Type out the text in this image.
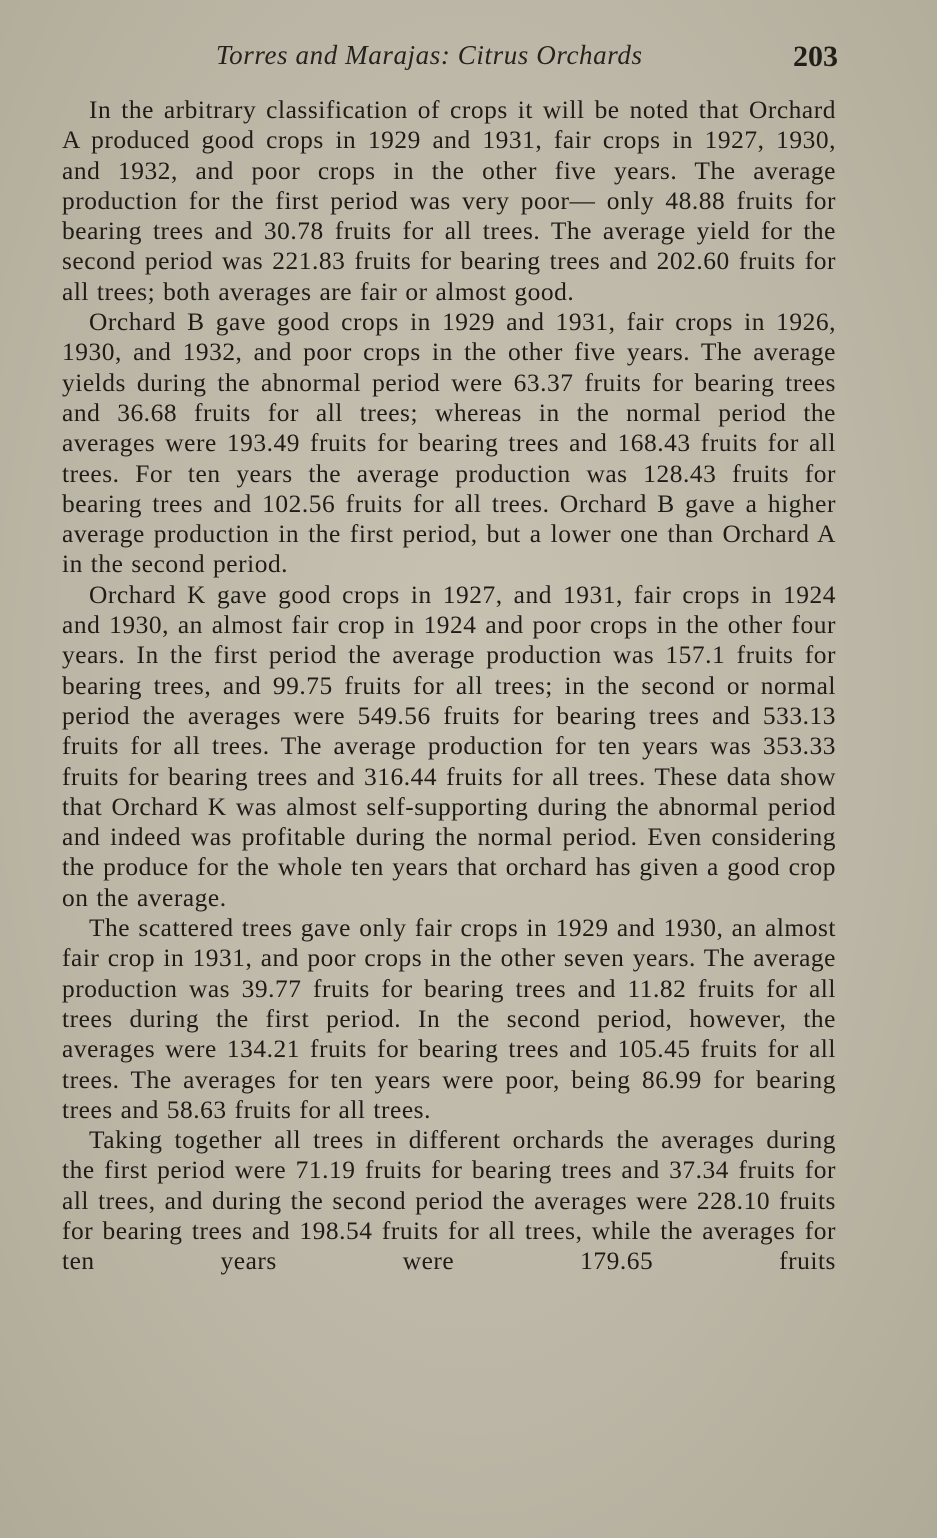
Torres and Marajas: Citrus Orchards	203

In the arbitrary classification of crops it will be noted that Orchard A produced good crops in 1929 and 1931, fair crops in 1927, 1930, and 1932, and poor crops in the other five years. The average production for the first period was very poor— only 48.88 fruits for bearing trees and 30.78 fruits for all trees. The average yield for the second period was 221.83 fruits for bearing trees and 202.60 fruits for all trees; both averages are fair or almost good.

Orchard B gave good crops in 1929 and 1931, fair crops in 1926, 1930, and 1932, and poor crops in the other five years. The average yields during the abnormal period were 63.37 fruits for bearing trees and 36.68 fruits for all trees; whereas in the normal period the averages were 193.49 fruits for bearing trees and 168.43 fruits for all trees. For ten years the average production was 128.43 fruits for bearing trees and 102.56 fruits for all trees. Orchard B gave a higher average production in the first period, but a lower one than Orchard A in the second period.

Orchard K gave good crops in 1927, and 1931, fair crops in 1924 and 1930, an almost fair crop in 1924 and poor crops in the other four years. In the first period the average production was 157.1 fruits for bearing trees, and 99.75 fruits for all trees; in the second or normal period the averages were 549.56 fruits for bearing trees and 533.13 fruits for all trees. The average production for ten years was 353.33 fruits for bearing trees and 316.44 fruits for all trees. These data show that Orchard K was almost self-supporting during the abnormal period and indeed was profitable during the normal period. Even considering the produce for the whole ten years that orchard has given a good crop on the average.

The scattered trees gave only fair crops in 1929 and 1930, an almost fair crop in 1931, and poor crops in the other seven years. The average production was 39.77 fruits for bearing trees and 11.82 fruits for all trees during the first period. In the second period, however, the averages were 134.21 fruits for bearing trees and 105.45 fruits for all trees. The averages for ten years were poor, being 86.99 for bearing trees and 58.63 fruits for all trees.

Taking together all trees in different orchards the averages during the first period were 71.19 fruits for bearing trees and 37.34 fruits for all trees, and during the second period the averages were 228.10 fruits for bearing trees and 198.54 fruits for all trees, while the averages for ten years were 179.65 fruits
